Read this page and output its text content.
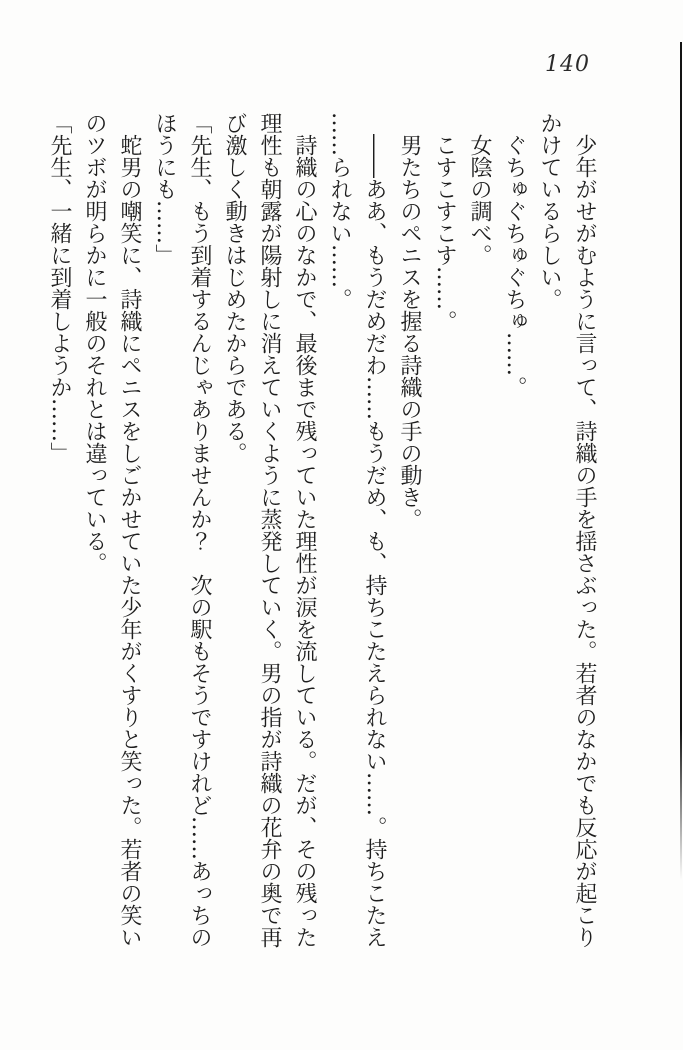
140
少年がせがむように言って、詩織の手を揺さぶった。若者のなかでも反応が起こり
かけているらしい。
ぐちゅぐちゅぐちゅ……。
女陰の調べ。
こすこすこす……。
男たちのペニスを握る詩織の手の動き。
――ああ、もうだめだわ……もうだめ、も、持ちこたえられない……。持ちこたえ
……られない……。
詩織の心のなかで、最後まで残っていた理性が涙を流している。だが、その残った
理性も朝露が陽射しに消えていくように蒸発していく。男の指が詩織の花弁の奥で再
び激しく動きはじめたからである。
「先生、もう到着するんじゃありませんか？　次の駅もそうですけれど……あっちの
ほうにも……」
蛇男の嘲笑に、詩織にペニスをしごかせていた少年がくすりと笑った。若者の笑い
のツボが明らかに一般のそれとは違っている。
「先生、一緒に到着しようか……」
